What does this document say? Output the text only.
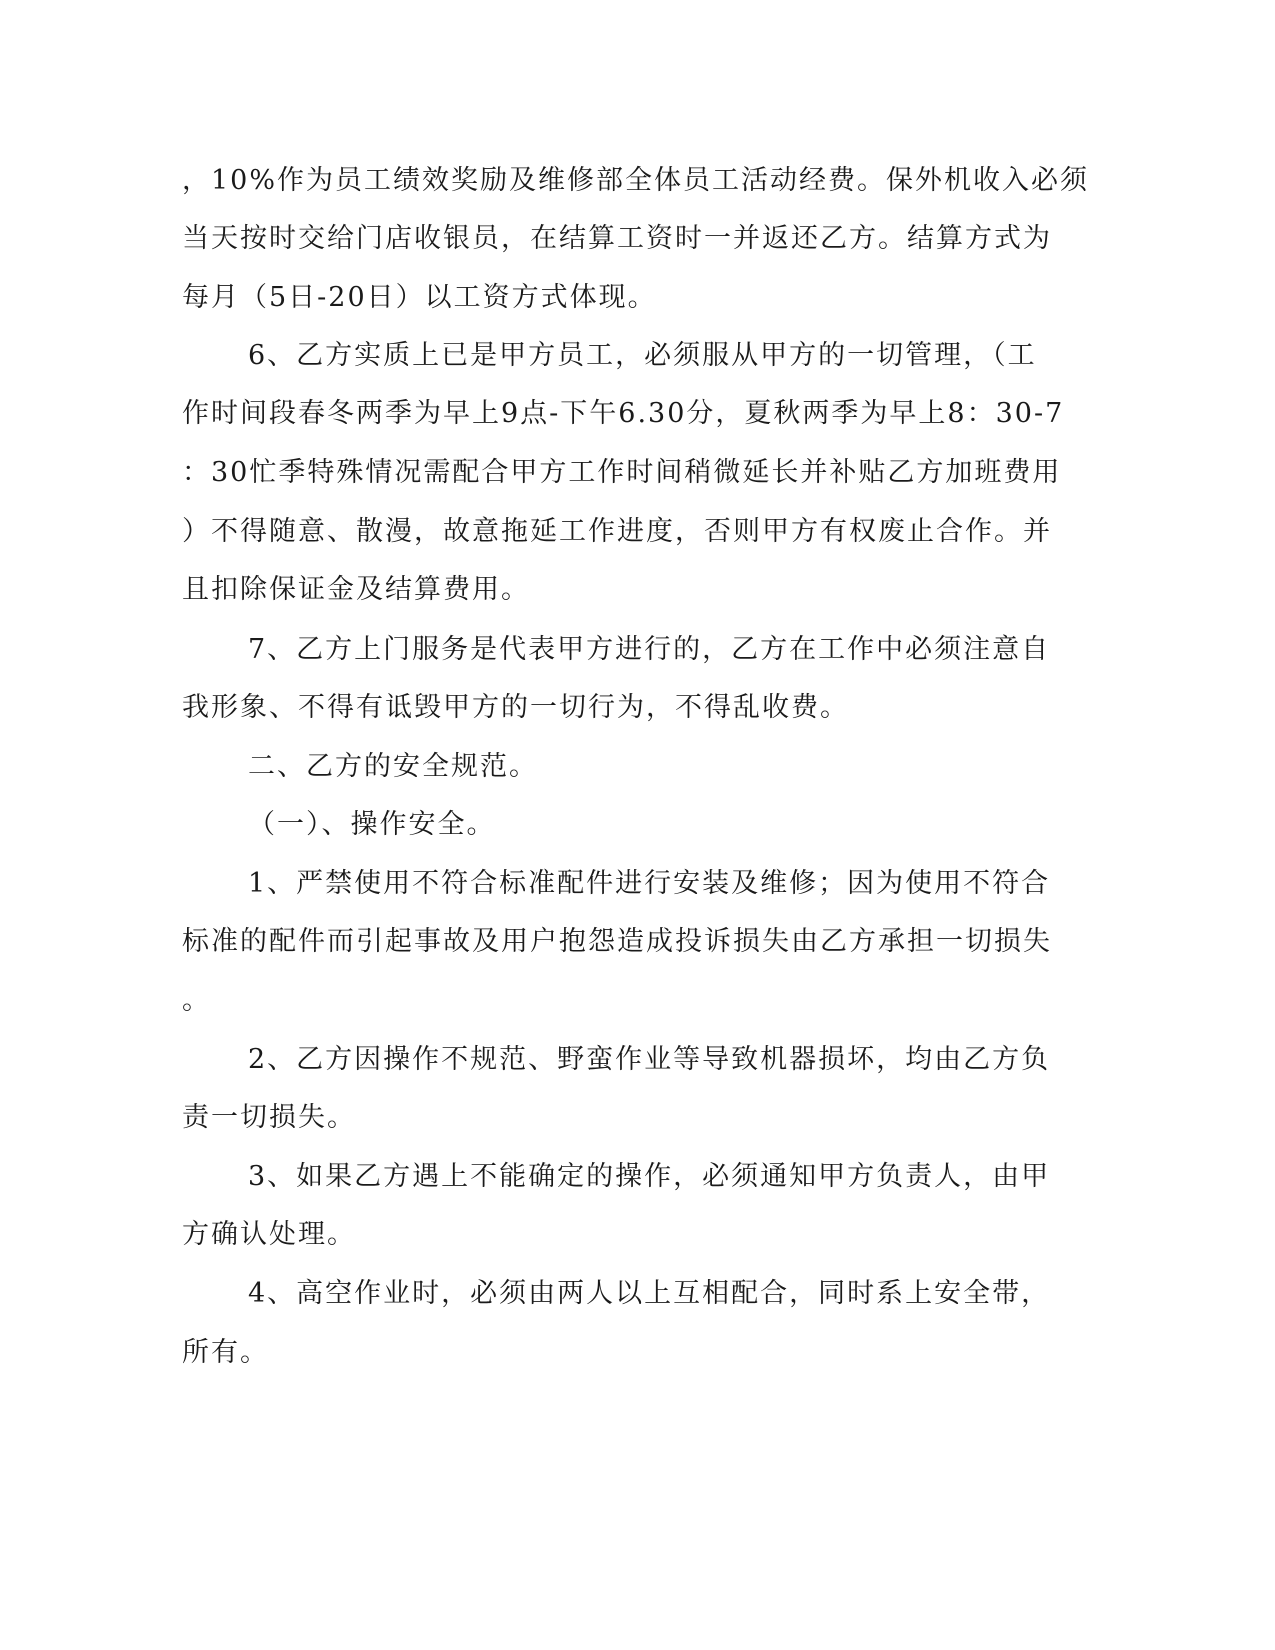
，10%作为员工绩效奖励及维修部全体员工活动经费。保外机收入必须
当天按时交给门店收银员，在结算工资时一并返还乙方。结算方式为
每月（5日-20日）以工资方式体现。
6、乙方实质上已是甲方员工，必须服从甲方的一切管理，（工
作时间段春冬两季为早上9点-下午6.30分，夏秋两季为早上8：30-7
：30忙季特殊情况需配合甲方工作时间稍微延长并补贴乙方加班费用
）不得随意、散漫，故意拖延工作进度，否则甲方有权废止合作。并
且扣除保证金及结算费用。
7、乙方上门服务是代表甲方进行的，乙方在工作中必须注意自
我形象、不得有诋毁甲方的一切行为，不得乱收费。
二、乙方的安全规范。
（一）、操作安全。
1、严禁使用不符合标准配件进行安装及维修；因为使用不符合
标准的配件而引起事故及用户抱怨造成投诉损失由乙方承担一切损失
。
2、乙方因操作不规范、野蛮作业等导致机器损坏，均由乙方负
责一切损失。
3、如果乙方遇上不能确定的操作，必须通知甲方负责人，由甲
方确认处理。
4、高空作业时，必须由两人以上互相配合，同时系上安全带，
所有。
